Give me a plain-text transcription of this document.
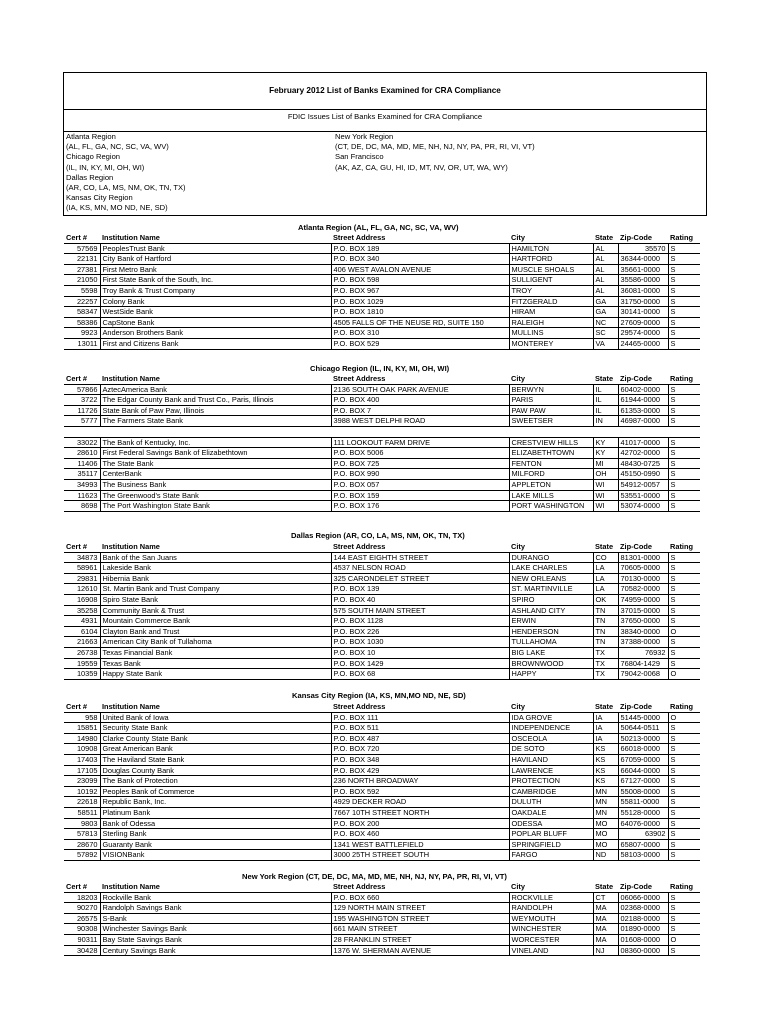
February 2012 List of Banks Examined for CRA Compliance
FDIC Issues List of Banks Examined for CRA Compliance
Atlanta Region
(AL, FL, GA, NC, SC, VA, WV)
Chicago Region
(IL, IN, KY, MI, OH, WI)
Dallas Region
(AR, CO, LA, MS, NM, OK, TN, TX)
Kansas City Region
(IA, KS, MN, MO ND, NE, SD)
New York Region
(CT, DE, DC, MA, MD, ME, NH, NJ, NY, PA, PR, RI, VI, VT)
San Francisco
(AK, AZ, CA, GU, HI, ID, MT, NV, OR, UT, WA, WY)
Atlanta Region (AL, FL, GA, NC, SC, VA, WV)
Cert #	Institution Name	Street Address	City	State	Zip-Code	Rating
57569	PeoplesTrust Bank	P.O. BOX 189	HAMILTON	AL	35570	S
22131	City Bank of Hartford	P.O. BOX 340	HARTFORD	AL	36344-0000	S
27381	First Metro Bank	406 WEST AVALON AVENUE	MUSCLE SHOALS	AL	35661-0000	S
21050	First State Bank of the South, Inc.	P.O. BOX 598	SULLIGENT	AL	35586-0000	S
5598	Troy Bank & Trust Company	P.O. BOX 967	TROY	AL	36081-0000	S
22257	Colony Bank	P.O. BOX 1029	FITZGERALD	GA	31750-0000	S
58347	WestSide Bank	P.O. BOX 1810	HIRAM	GA	30141-0000	S
58386	CapStone Bank	4505 FALLS OF THE NEUSE RD, SUITE 150	RALEIGH	NC	27609-0000	S
9923	Anderson Brothers Bank	P.O. BOX 310	MULLINS	SC	29574-0000	S
13011	First and Citizens Bank	P.O. BOX 529	MONTEREY	VA	24465-0000	S
Chicago Region (IL, IN, KY, MI, OH, WI)
Cert #	Institution Name	Street Address	City	State	Zip-Code	Rating
57866	AztecAmerica Bank	2136 SOUTH OAK PARK AVENUE	BERWYN	IL	60402-0000	S
3722	The Edgar County Bank and Trust Co., Paris, Illinois	P.O. BOX 400	PARIS	IL	61944-0000	S
11726	State Bank of Paw Paw, Illinois	P.O. BOX 7	PAW PAW	IL	61353-0000	S
5777	The Farmers State Bank	3988 WEST DELPHI ROAD	SWEETSER	IN	46987-0000	S

33022	The Bank of Kentucky, Inc.	111 LOOKOUT FARM DRIVE	CRESTVIEW HILLS	KY	41017-0000	S
28610	First Federal Savings Bank of Elizabethtown	P.O. BOX 5006	ELIZABETHTOWN	KY	42702-0000	S
11406	The State Bank	P.O. BOX 725	FENTON	MI	48430-0725	S
35117	CenterBank	P.O. BOX 990	MILFORD	OH	45150-0990	S
34993	The Business Bank	P.O. BOX 057	APPLETON	WI	54912-0057	S
11623	The Greenwood's State Bank	P.O. BOX 159	LAKE MILLS	WI	53551-0000	S
8698	The Port Washington State Bank	P.O. BOX 176	PORT WASHINGTON	WI	53074-0000	S
Dallas Region (AR, CO, LA, MS, NM, OK, TN, TX)
Cert #	Institution Name	Street Address	City	State	Zip-Code	Rating
34873	Bank of the San Juans	144 EAST EIGHTH STREET	DURANGO	CO	81301-0000	S
58961	Lakeside Bank	4537 NELSON ROAD	LAKE CHARLES	LA	70605-0000	S
29831	Hibernia Bank	325 CARONDELET STREET	NEW ORLEANS	LA	70130-0000	S
12610	St. Martin Bank and Trust Company	P.O. BOX 139	ST. MARTINVILLE	LA	70582-0000	S
16908	Spiro State Bank	P.O. BOX 40	SPIRO	OK	74959-0000	S
35258	Community Bank & Trust	575 SOUTH MAIN STREET	ASHLAND CITY	TN	37015-0000	S
4931	Mountain Commerce Bank	P.O. BOX 1128	ERWIN	TN	37650-0000	S
6104	Clayton Bank and Trust	P.O. BOX 226	HENDERSON	TN	38340-0000	O
21663	American City Bank of Tullahoma	P.O. BOX 1030	TULLAHOMA	TN	37388-0000	S
26738	Texas Financial Bank	P.O. BOX 10	BIG LAKE	TX	76932	S
19559	Texas Bank	P.O. BOX 1429	BROWNWOOD	TX	76804-1429	S
10359	Happy State Bank	P.O. BOX 68	HAPPY	TX	79042-0068	O
Kansas City Region (IA, KS, MN,MO ND, NE, SD)
Cert #	Institution Name	Street Address	City	State	Zip-Code	Rating
958	United Bank of Iowa	P.O. BOX 111	IDA GROVE	IA	51445-0000	O
15851	Security State Bank	P.O. BOX 511	INDEPENDENCE	IA	50644-0511	S
14980	Clarke County State Bank	P.O. BOX 487	OSCEOLA	IA	50213-0000	S
10908	Great American Bank	P.O. BOX 720	DE SOTO	KS	66018-0000	S
17403	The Haviland State Bank	P.O. BOX 348	HAVILAND	KS	67059-0000	S
17105	Douglas County Bank	P.O. BOX 429	LAWRENCE	KS	66044-0000	S
23099	The Bank of Protection	236 NORTH BROADWAY	PROTECTION	KS	67127-0000	S
10192	Peoples Bank of Commerce	P.O. BOX 592	CAMBRIDGE	MN	55008-0000	S
22618	Republic Bank, Inc.	4929 DECKER ROAD	DULUTH	MN	55811-0000	S
58511	Platinum Bank	7667 10TH STREET NORTH	OAKDALE	MN	55128-0000	S
9803	Bank of Odessa	P.O. BOX 200	ODESSA	MO	64076-0000	S
57813	Sterling Bank	P.O. BOX 460	POPLAR BLUFF	MO	63902	S
28670	Guaranty Bank	1341 WEST BATTLEFIELD	SPRINGFIELD	MO	65807-0000	S
57892	VISIONBank	3000 25TH STREET SOUTH	FARGO	ND	58103-0000	S
New York Region (CT, DE, DC, MA, MD, ME, NH, NJ, NY, PA, PR, RI, VI, VT)
Cert #	Institution Name	Street Address	City	State	Zip-Code	Rating
18203	Rockville Bank	P.O. BOX 660	ROCKVILLE	CT	06066-0000	S
90270	Randolph Savings Bank	129 NORTH MAIN STREET	RANDOLPH	MA	02368-0000	S
26575	S-Bank	195 WASHINGTON STREET	WEYMOUTH	MA	02188-0000	S
90308	Winchester Savings Bank	661 MAIN STREET	WINCHESTER	MA	01890-0000	S
90311	Bay State Savings Bank	28 FRANKLIN STREET	WORCESTER	MA	01608-0000	O
30428	Century Savings Bank	1376 W. SHERMAN AVENUE	VINELAND	NJ	08360-0000	S
